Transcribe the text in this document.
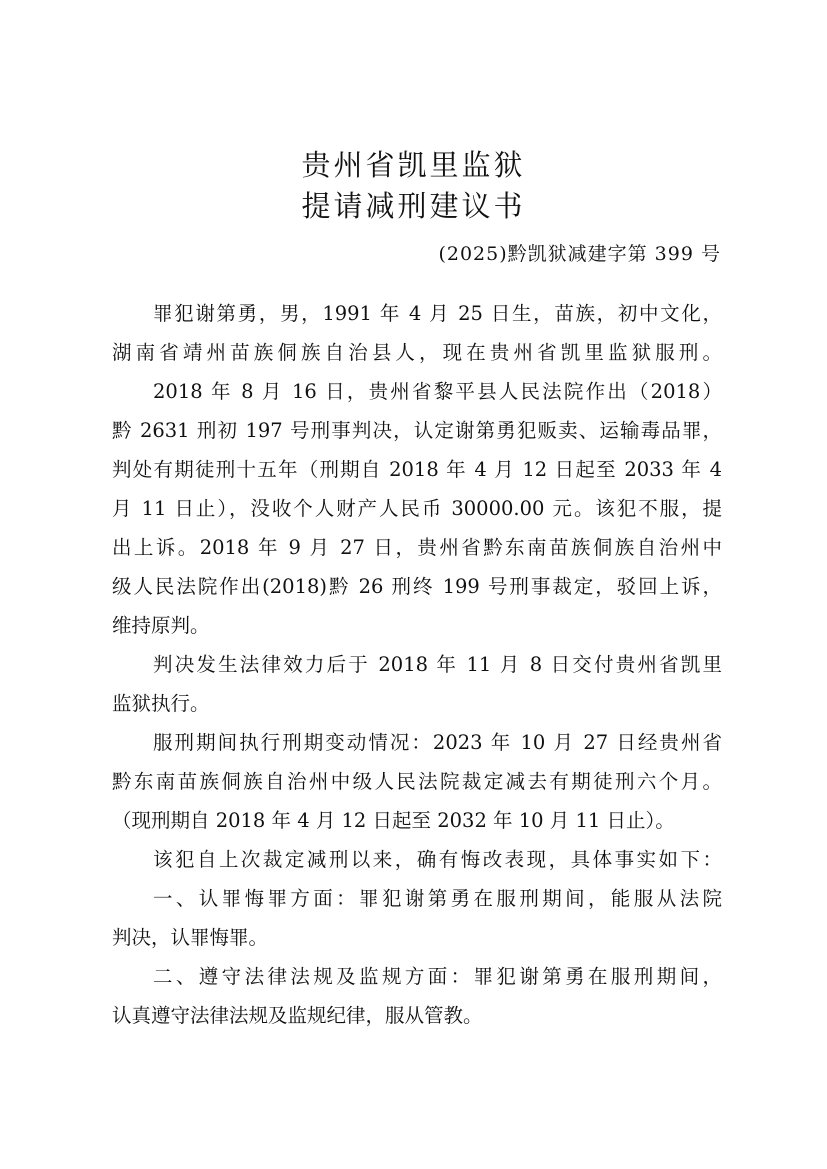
贵州省凯里监狱
提请减刑建议书
(2025)黔凯狱减建字第 399 号
罪犯谢第勇，男，1991 年 4 月 25 日生，苗族，初中文化，
湖南省靖州苗族侗族自治县人，现在贵州省凯里监狱服刑。
2018 年 8 月 16 日，贵州省黎平县人民法院作出（2018）
黔 2631 刑初 197 号刑事判决，认定谢第勇犯贩卖、运输毒品罪，
判处有期徒刑十五年（刑期自 2018 年 4 月 12 日起至 2033 年 4
月 11 日止），没收个人财产人民币 30000.00 元。该犯不服，提
出上诉。2018 年 9 月 27 日，贵州省黔东南苗族侗族自治州中
级人民法院作出(2018)黔 26 刑终 199 号刑事裁定，驳回上诉，
维持原判。
判决发生法律效力后于 2018 年 11 月 8 日交付贵州省凯里
监狱执行。
服刑期间执行刑期变动情况：2023 年 10 月 27 日经贵州省
黔东南苗族侗族自治州中级人民法院裁定减去有期徒刑六个月。
（现刑期自 2018 年 4 月 12 日起至 2032 年 10 月 11 日止）。
该犯自上次裁定减刑以来，确有悔改表现，具体事实如下：
一、认罪悔罪方面：罪犯谢第勇在服刑期间，能服从法院
判决，认罪悔罪。
二、遵守法律法规及监规方面：罪犯谢第勇在服刑期间，
认真遵守法律法规及监规纪律，服从管教。
